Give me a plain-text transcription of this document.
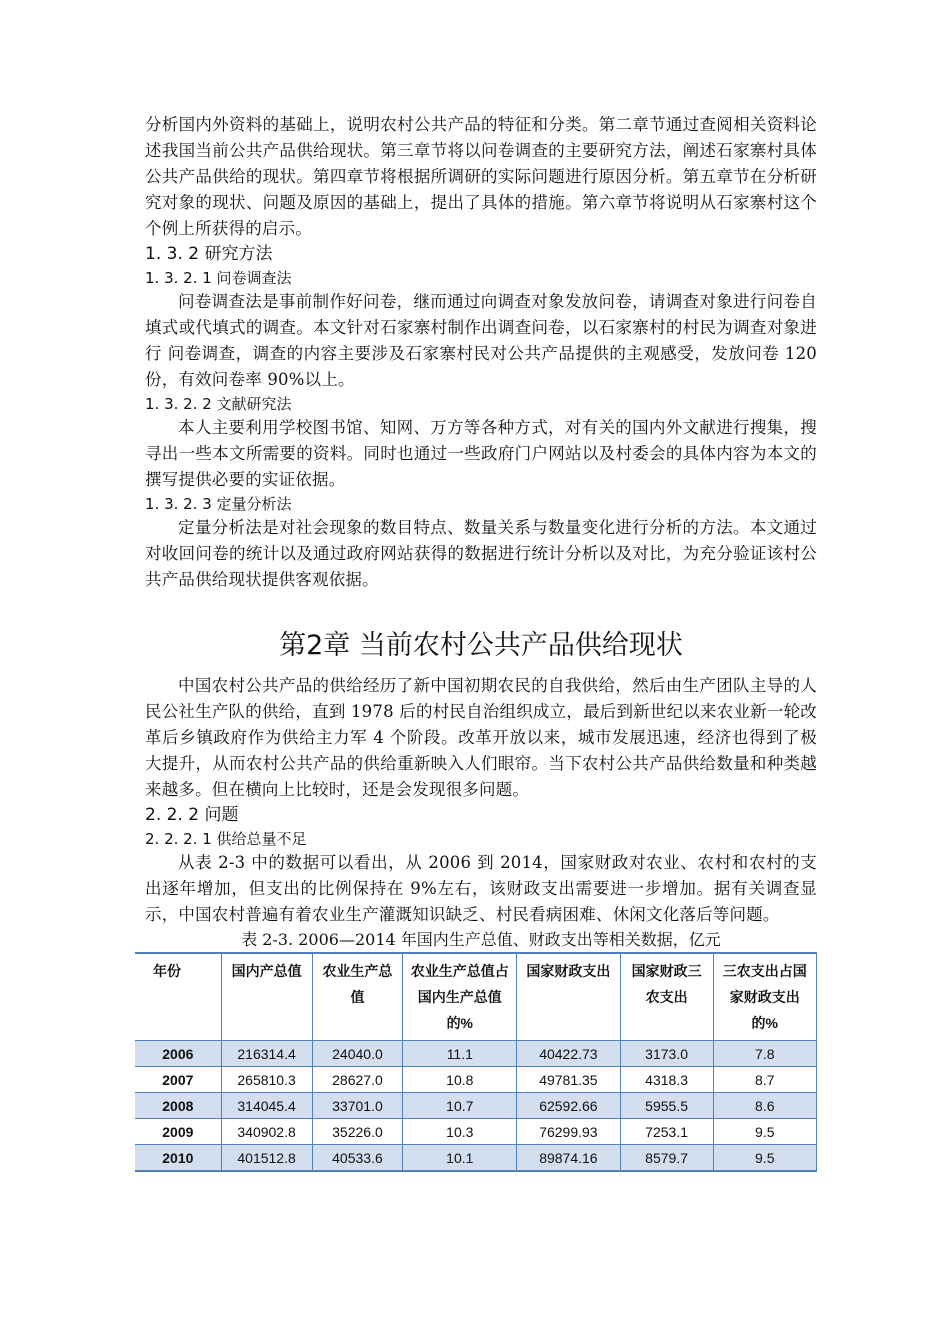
分析国内外资料的基础上，说明农村公共产品的特征和分类。第二章节通过查阅相关资料论述我国当前公共产品供给现状。第三章节将以问卷调查的主要研究方法，阐述石家寨村具体公共产品供给的现状。第四章节将根据所调研的实际问题进行原因分析。第五章节在分析研究对象的现状、问题及原因的基础上，提出了具体的措施。第六章节将说明从石家寨村这个个例上所获得的启示。

1. 3. 2 研究方法

1. 3. 2. 1 问卷调查法

问卷调查法是事前制作好问卷，继而通过向调查对象发放问卷，请调查对象进行问卷自填式或代填式的调查。本文针对石家寨村制作出调查问卷，以石家寨村的村民为调查对象进行 问卷调查，调查的内容主要涉及石家寨村民对公共产品提供的主观感受，发放问卷 120 份，有效问卷率 90%以上。

1. 3. 2. 2 文献研究法

本人主要利用学校图书馆、知网、万方等各种方式，对有关的国内外文献进行搜集，搜寻出一些本文所需要的资料。同时也通过一些政府门户网站以及村委会的具体内容为本文的撰写提供必要的实证依据。

1. 3. 2. 3 定量分析法

定量分析法是对社会现象的数目特点、数量关系与数量变化进行分析的方法。本文通过对收回问卷的统计以及通过政府网站获得的数据进行统计分析以及对比，为充分验证该村公共产品供给现状提供客观依据。

第2章 当前农村公共产品供给现状

中国农村公共产品的供给经历了新中国初期农民的自我供给，然后由生产团队主导的人民公社生产队的供给，直到 1978 后的村民自治组织成立，最后到新世纪以来农业新一轮改革后乡镇政府作为供给主力军 4 个阶段。改革开放以来，城市发展迅速，经济也得到了极大提升，从而农村公共产品的供给重新映入人们眼帘。当下农村公共产品供给数量和种类越来越多。但在横向上比较时，还是会发现很多问题。

2. 2. 2 问题

2. 2. 2. 1 供给总量不足

从表 2-3 中的数据可以看出，从 2006 到 2014，国家财政对农业、农村和农村的支出逐年增加，但支出的比例保持在 9%左右，该财政支出需要进一步增加。据有关调查显示，中国农村普遍有着农业生产灌溉知识缺乏、村民看病困难、休闲文化落后等问题。

表 2-3. 2006—2014 年国内生产总值、财政支出等相关数据，亿元

年份	国内产总值	农业生产总值	农业生产总值占国内生产总值的%	国家财政支出	国家财政三农支出	三农支出占国家财政支出的%
2006	216314.4	24040.0	11.1	40422.73	3173.0	7.8
2007	265810.3	28627.0	10.8	49781.35	4318.3	8.7
2008	314045.4	33701.0	10.7	62592.66	5955.5	8.6
2009	340902.8	35226.0	10.3	76299.93	7253.1	9.5
2010	401512.8	40533.6	10.1	89874.16	8579.7	9.5
